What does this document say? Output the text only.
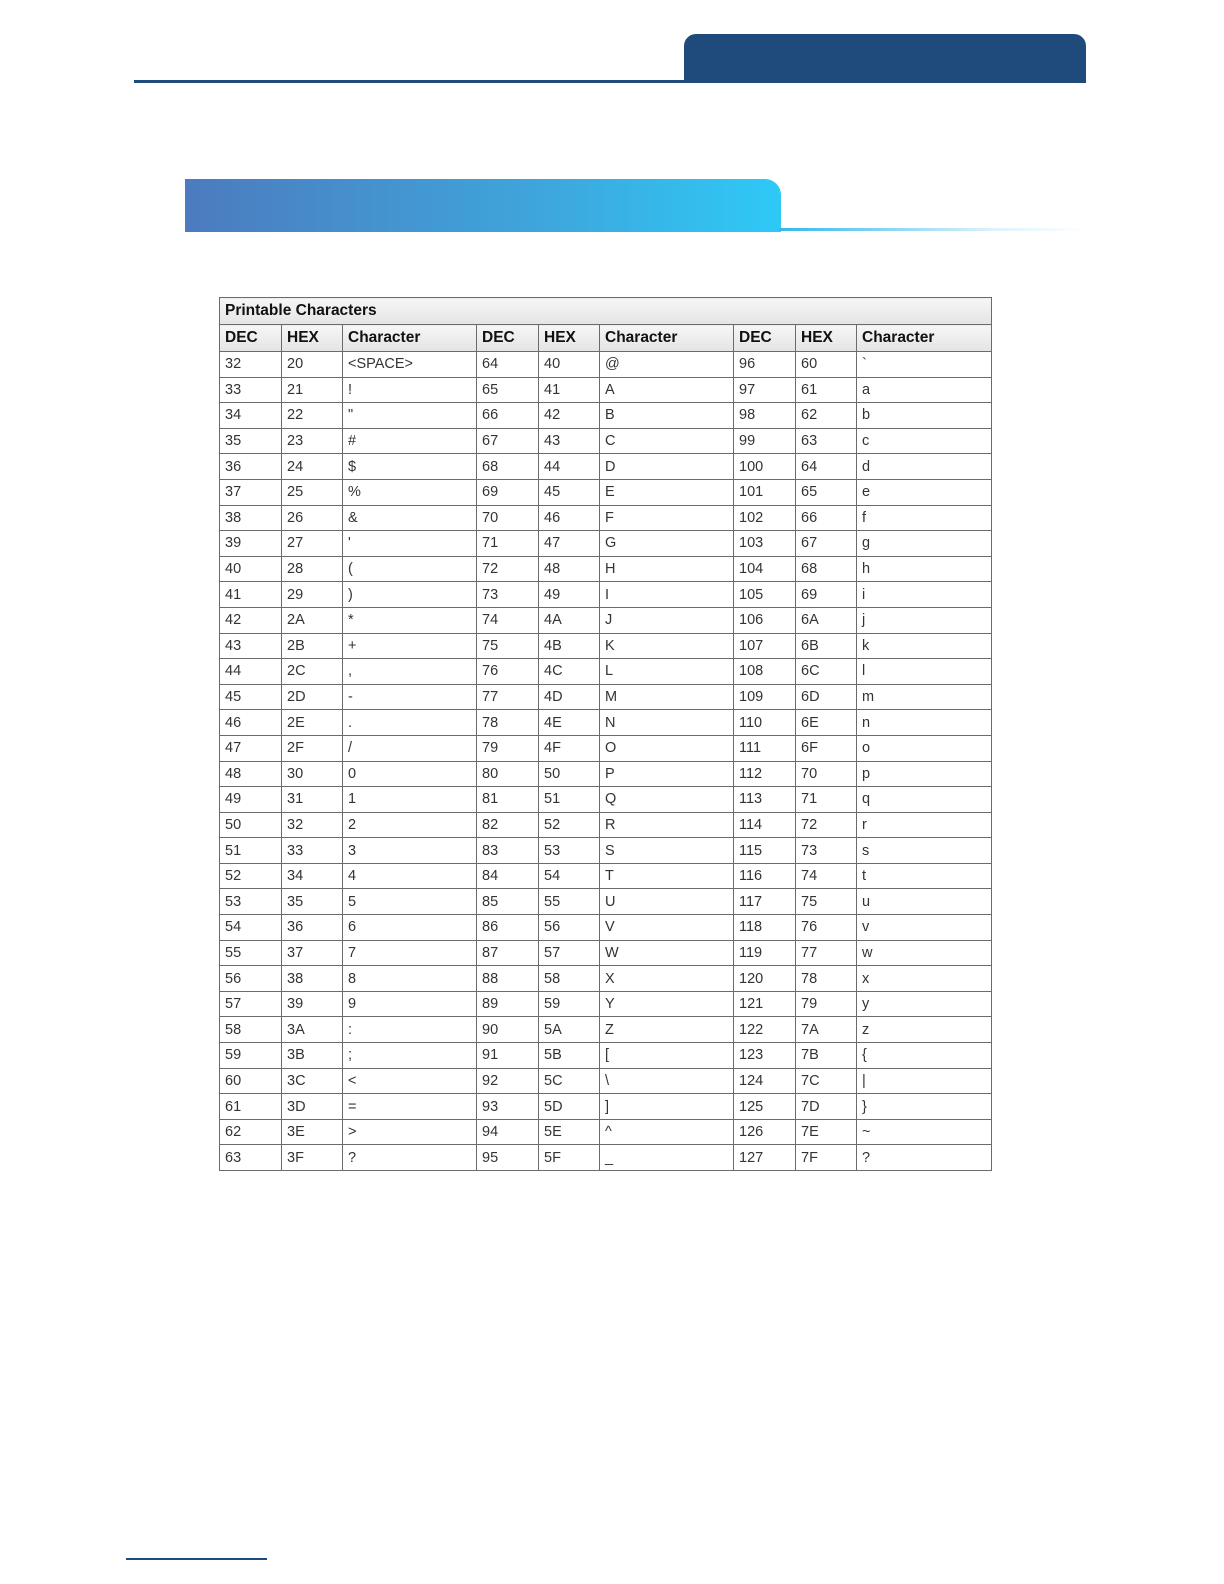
Printable Characters								
DEC	HEX	Character	DEC	HEX	Character	DEC	HEX	Character
32	20	<SPACE>	64	40	@	96	60	`
33	21	!	65	41	A	97	61	a
34	22	"	66	42	B	98	62	b
35	23	#	67	43	C	99	63	c
36	24	$	68	44	D	100	64	d
37	25	%	69	45	E	101	65	e
38	26	&	70	46	F	102	66	f
39	27	'	71	47	G	103	67	g
40	28	(	72	48	H	104	68	h
41	29	)	73	49	I	105	69	i
42	2A	*	74	4A	J	106	6A	j
43	2B	+	75	4B	K	107	6B	k
44	2C	,	76	4C	L	108	6C	l
45	2D	-	77	4D	M	109	6D	m
46	2E	.	78	4E	N	110	6E	n
47	2F	/	79	4F	O	111	6F	o
48	30	0	80	50	P	112	70	p
49	31	1	81	51	Q	113	71	q
50	32	2	82	52	R	114	72	r
51	33	3	83	53	S	115	73	s
52	34	4	84	54	T	116	74	t
53	35	5	85	55	U	117	75	u
54	36	6	86	56	V	118	76	v
55	37	7	87	57	W	119	77	w
56	38	8	88	58	X	120	78	x
57	39	9	89	59	Y	121	79	y
58	3A	:	90	5A	Z	122	7A	z
59	3B	;	91	5B	[	123	7B	{
60	3C	<	92	5C	\	124	7C	|
61	3D	=	93	5D	]	125	7D	}
62	3E	>	94	5E	^	126	7E	~
63	3F	?	95	5F	_	127	7F	?
